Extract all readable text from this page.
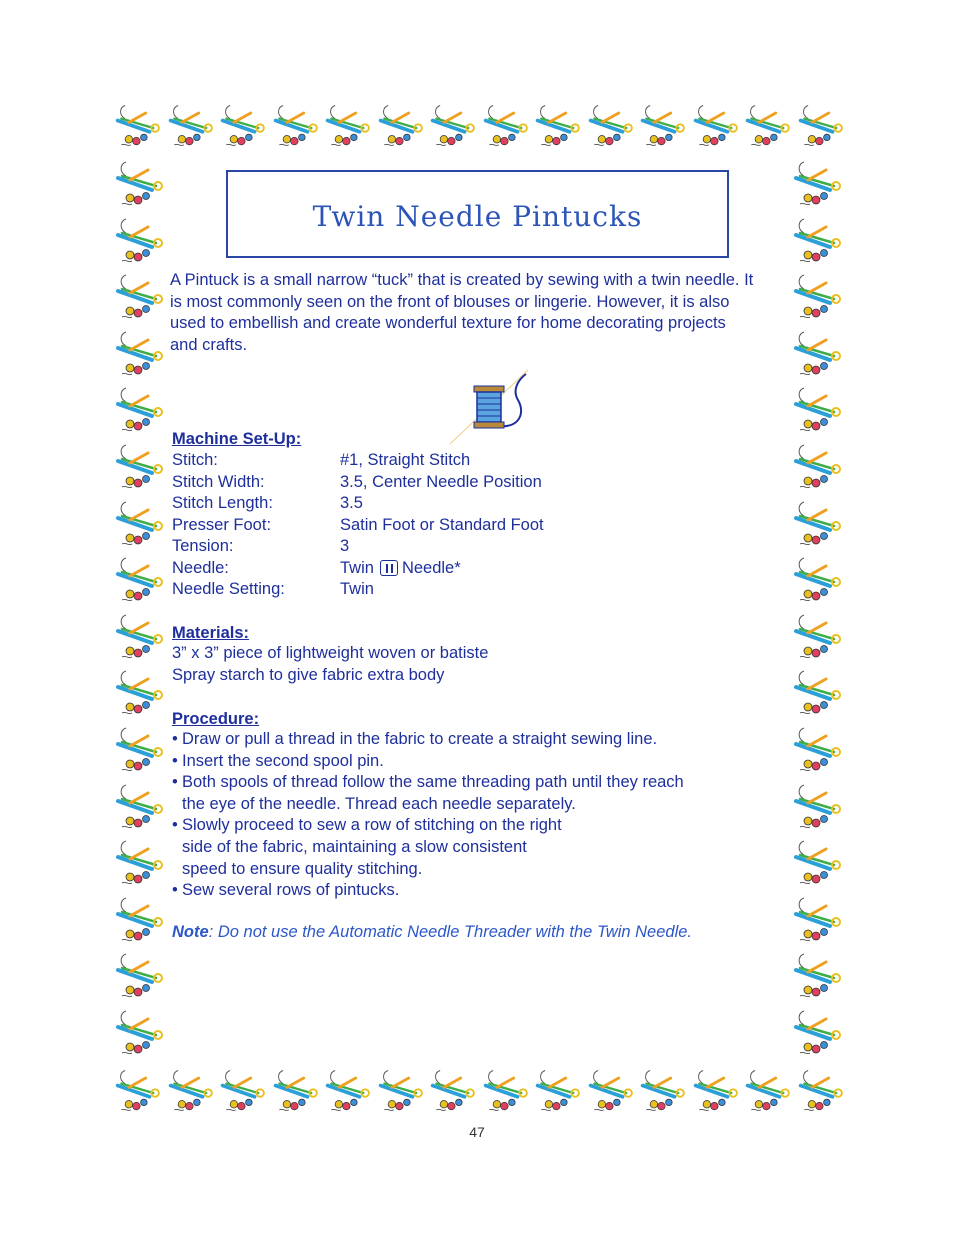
Twin Needle Pintucks

A Pintuck is a small narrow “tuck” that is created by sewing with a twin needle. It is most commonly seen on the front of blouses or lingerie. However, it is also used to embellish and create wonderful texture for home decorating projects and crafts.

Machine Set-Up:
Stitch:	#1, Straight Stitch
Stitch Width:	3.5, Center Needle Position
Stitch Length:	3.5
Presser Foot:	Satin Foot or Standard Foot
Tension:	3
Needle:	Twin Needle*
Needle Setting:	Twin
Materials:
3” x 3” piece of lightweight woven or batiste
Spray starch to give fabric extra body
Procedure:
• Draw or pull a thread in the fabric to create a straight sewing line.
• Insert the second spool pin.
• Both spools of thread follow the same threading path until they reach
the eye of the needle. Thread each needle separately.
• Slowly proceed to sew a row of stitching on the right
side of the fabric, maintaining a slow consistent
speed to ensure quality stitching.
• Sew several rows of pintucks.
Note: Do not use the Automatic Needle Threader with the Twin Needle.
47
